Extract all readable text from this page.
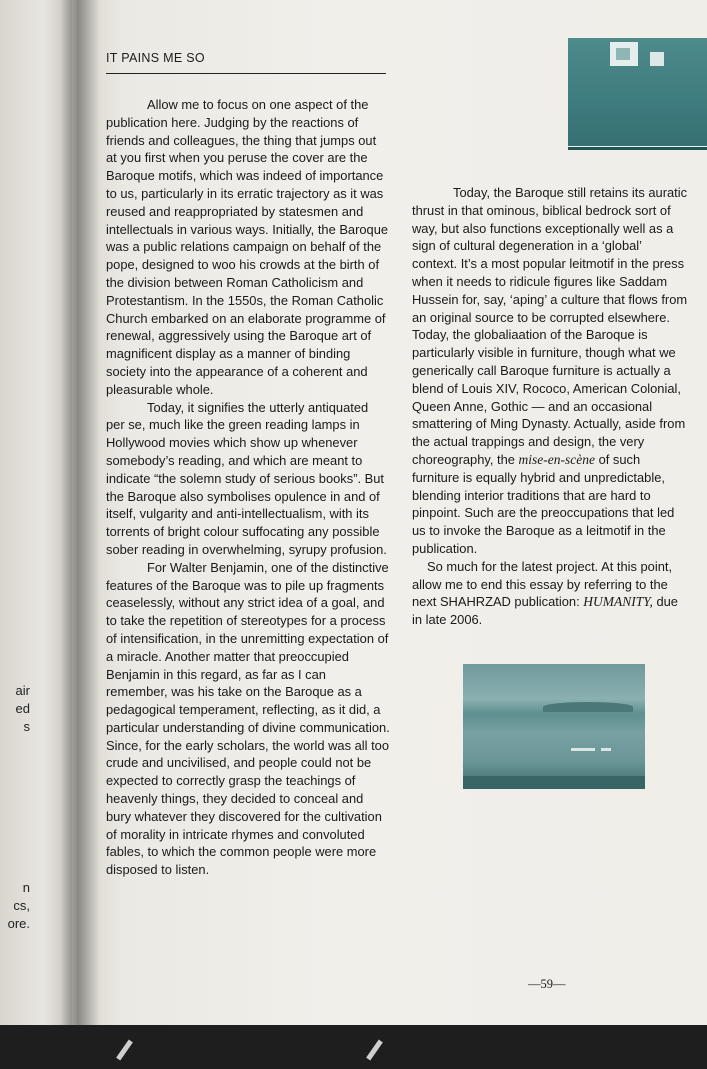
air
ed
s
n
cs,
ore.
IT PAINS ME SO

Allow me to focus on one aspect of the publication here. Judging by the reactions of friends and colleagues, the thing that jumps out at you first when you peruse the cover are the Baroque motifs, which was indeed of importance to us, particularly in its erratic trajectory as it was reused and reappropriated by statesmen and intellectuals in various ways. Initially, the Baroque was a public relations campaign on behalf of the pope, designed to woo his crowds at the birth of the division between Roman Catholicism and Protestantism. In the 1550s, the Roman Catholic Church embarked on an elaborate programme of renewal, aggressively using the Baroque art of magnificent display as a manner of binding society into the appearance of a coherent and pleasurable whole.

Today, it signifies the utterly antiquated per se, much like the green reading lamps in Hollywood movies which show up whenever somebody’s reading, and which are meant to indicate “the solemn study of serious books”. But the Baroque also symbolises opulence in and of itself, vulgarity and anti-intellectualism, with its torrents of bright colour suffocating any possible sober reading in overwhelming, syrupy profusion.

For Walter Benjamin, one of the distinctive features of the Baroque was to pile up fragments ceaselessly, without any strict idea of a goal, and to take the repetition of stereotypes for a process of intensification, in the unremitting expectation of a miracle. Another matter that preoccupied Benjamin in this regard, as far as I can remember, was his take on the Baroque as a pedagogical temperament, reflecting, as it did, a particular understanding of divine communication. Since, for the early scholars, the world was all too crude and uncivilised, and people could not be expected to correctly grasp the teachings of heavenly things, they decided to conceal and bury whatever they discovered for the cultivation of morality in intricate rhymes and convoluted fables, to which the common people were more disposed to listen.

Today, the Baroque still retains its auratic thrust in that ominous, biblical bedrock sort of way, but also functions exceptionally well as a sign of cultural degeneration in a ‘global’ context. It’s a most popular leitmotif in the press when it needs to ridicule figures like Saddam Hussein for, say, ‘aping’ a culture that flows from an original source to be corrupted elsewhere. Today, the globaliaation of the Baroque is particularly visible in furniture, though what we generically call Baroque furniture is actually a blend of Louis XIV, Rococo, American Colonial, Queen Anne, Gothic — and an occasional smattering of Ming Dynasty. Actually, aside from the actual trappings and design, the very choreography, the mise-en-scène of such furniture is equally hybrid and unpredictable, blending interior traditions that are hard to pinpoint. Such are the preoccupations that led us to invoke the Baroque as a leitmotif in the publication.

So much for the latest project. At this point, allow me to end this essay by referring to the next SHAHRZAD publication: HUMANITY, due in late 2006.

—59—
